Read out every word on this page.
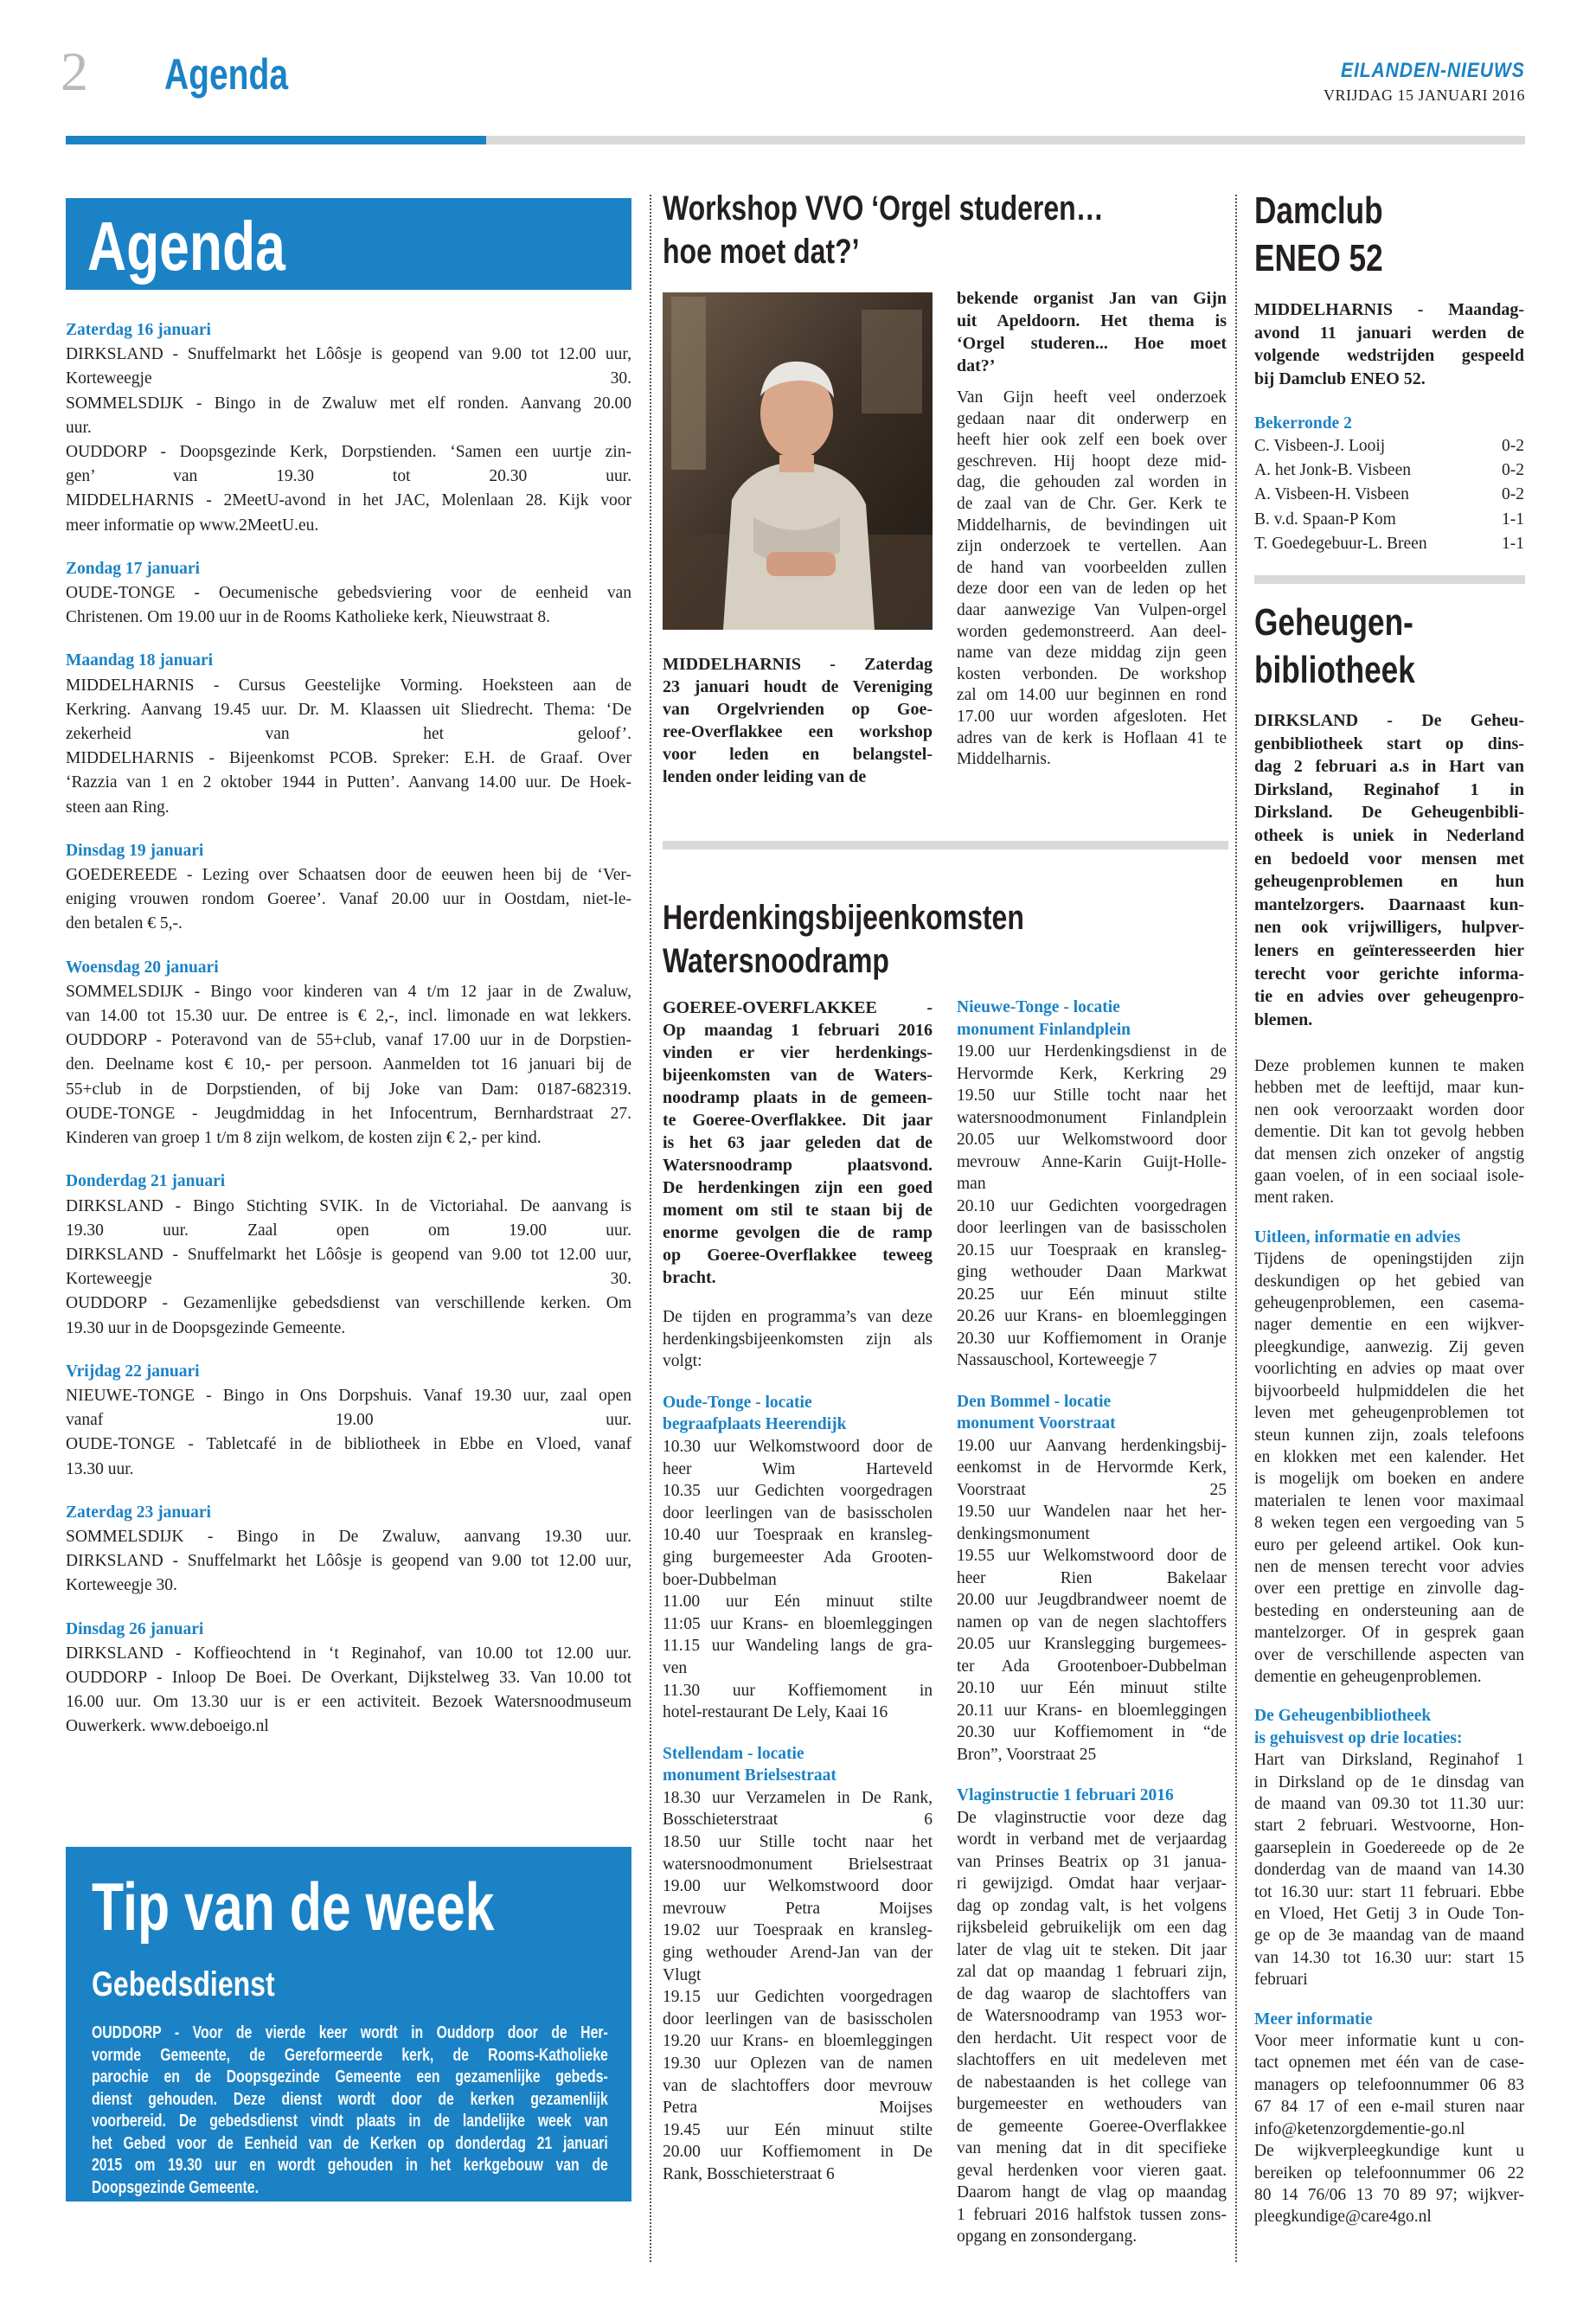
2 Agenda	EILANDEN-NIEUWS
VRIJDAG 15 JANUARI 2016
Agenda
Zaterdag 16 januari
DIRKSLAND - Snuffelmarkt het Lôôsje is geopend van 9.00 tot 12.00 uur,
Korteweegje 30.
SOMMELSDIJK - Bingo in de Zwaluw met elf ronden. Aanvang 20.00
uur.
OUDDORP - Doopsgezinde Kerk, Dorpstienden. ‘Samen een uurtje zin-
gen’ van 19.30 tot 20.30 uur.
MIDDELHARNIS - 2MeetU-avond in het JAC, Molenlaan 28. Kijk voor
meer informatie op www.2MeetU.eu.
Zondag 17 januari
OUDE-TONGE - Oecumenische gebedsviering voor de eenheid van
Christenen. Om 19.00 uur in de Rooms Katholieke kerk, Nieuwstraat 8.
Maandag 18 januari
MIDDELHARNIS - Cursus Geestelijke Vorming. Hoeksteen aan de
Kerkring. Aanvang 19.45 uur. Dr. M. Klaassen uit Sliedrecht. Thema: ‘De
zekerheid van het geloof’.
MIDDELHARNIS - Bijeenkomst PCOB. Spreker: E.H. de Graaf. Over
‘Razzia van 1 en 2 oktober 1944 in Putten’. Aanvang 14.00 uur. De Hoek-
steen aan Ring.
Dinsdag 19 januari
GOEDEREEDE - Lezing over Schaatsen door de eeuwen heen bij de ‘Ver-
eniging vrouwen rondom Goeree’. Vanaf 20.00 uur in Oostdam, niet-le-
den betalen € 5,-.
Woensdag 20 januari
SOMMELSDIJK - Bingo voor kinderen van 4 t/m 12 jaar in de Zwaluw,
van 14.00 tot 15.30 uur. De entree is € 2,-, incl. limonade en wat lekkers.
OUDDORP - Poteravond van de 55+club, vanaf 17.00 uur in de Dorpstien-
den. Deelname kost € 10,- per persoon. Aanmelden tot 16 januari bij de
55+club in de Dorpstienden, of bij Joke van Dam: 0187-682319.
OUDE-TONGE - Jeugdmiddag in het Infocentrum, Bernhardstraat 27.
Kinderen van groep 1 t/m 8 zijn welkom, de kosten zijn € 2,- per kind.
Donderdag 21 januari
DIRKSLAND - Bingo Stichting SVIK. In de Victoriahal. De aanvang is
19.30 uur. Zaal open om 19.00 uur.
DIRKSLAND - Snuffelmarkt het Lôôsje is geopend van 9.00 tot 12.00 uur,
Korteweegje 30.
OUDDORP - Gezamenlijke gebedsdienst van verschillende kerken. Om
19.30 uur in de Doopsgezinde Gemeente.
Vrijdag 22 januari
NIEUWE-TONGE - Bingo in Ons Dorpshuis. Vanaf 19.30 uur, zaal open
vanaf 19.00 uur.
OUDE-TONGE - Tabletcafé in de bibliotheek in Ebbe en Vloed, vanaf
13.30 uur.
Zaterdag 23 januari
SOMMELSDIJK - Bingo in De Zwaluw, aanvang 19.30 uur.
DIRKSLAND - Snuffelmarkt het Lôôsje is geopend van 9.00 tot 12.00 uur,
Korteweegje 30.
Dinsdag 26 januari
DIRKSLAND - Koffieochtend in ‘t Reginahof, van 10.00 tot 12.00 uur.
OUDDORP - Inloop De Boei. De Overkant, Dijkstelweg 33. Van 10.00 tot
16.00 uur. Om 13.30 uur is er een activiteit. Bezoek Watersnoodmuseum
Ouwerkerk. www.deboeigo.nl
Tip van de week
Gebedsdienst
OUDDORP - Voor de vierde keer wordt in Ouddorp door de Her-
vormde Gemeente, de Gereformeerde kerk, de Rooms-Katholieke
parochie en de Doopsgezinde Gemeente een gezamenlijke gebeds-
dienst gehouden. Deze dienst wordt door de kerken gezamenlijk
voorbereid. De gebedsdienst vindt plaats in de landelijke week van
het Gebed voor de Eenheid van de Kerken op donderdag 21 januari
2015 om 19.30 uur en wordt gehouden in het kerkgebouw van de
Doopsgezinde Gemeente.
Workshop VVO ‘Orgel studeren…
hoe moet dat?’
MIDDELHARNIS - Zaterdag
23 januari houdt de Vereniging
van Orgelvrienden op Goe-
ree-Overflakkee een workshop
voor leden en belangstel-
lenden onder leiding van de
bekende organist Jan van Gijn
uit Apeldoorn. Het thema is
‘Orgel studeren... Hoe moet
dat?’
Van Gijn heeft veel onderzoek
gedaan naar dit onderwerp en
heeft hier ook zelf een boek over
geschreven. Hij hoopt deze mid-
dag, die gehouden zal worden in
de zaal van de Chr. Ger. Kerk te
Middelharnis, de bevindingen uit
zijn onderzoek te vertellen. Aan
de hand van voorbeelden zullen
deze door een van de leden op het
daar aanwezige Van Vulpen-orgel
worden gedemonstreerd. Aan deel-
name van deze middag zijn geen
kosten verbonden. De workshop
zal om 14.00 uur beginnen en rond
17.00 uur worden afgesloten. Het
adres van de kerk is Hoflaan 41 te
Middelharnis.
Herdenkingsbijeenkomsten
Watersnoodramp
GOEREE-OVERFLAKKEE -
Op maandag 1 februari 2016
vinden er vier herdenkings-
bijeenkomsten van de Waters-
noodramp plaats in de gemeen-
te Goeree-Overflakkee. Dit jaar
is het 63 jaar geleden dat de
Watersnoodramp plaatsvond.
De herdenkingen zijn een goed
moment om stil te staan bij de
enorme gevolgen die de ramp
op Goeree-Overflakkee teweeg
bracht.
De tijden en programma’s van deze
herdenkingsbijeenkomsten zijn als
volgt:
Oude-Tonge - locatie
begraafplaats Heerendijk
10.30 uur Welkomstwoord door de
heer Wim Harteveld
10.35 uur Gedichten voorgedragen
door leerlingen van de basisscholen
10.40 uur Toespraak en kransleg-
ging burgemeester Ada Grooten-
boer-Dubbelman
11.00 uur Eén minuut stilte
11:05 uur Krans- en bloemleggingen
11.15 uur Wandeling langs de gra-
ven
11.30 uur Koffiemoment in
hotel-restaurant De Lely, Kaai 16
Stellendam - locatie
monument Brielsestraat
18.30 uur Verzamelen in De Rank,
Bosschieterstraat 6
18.50 uur Stille tocht naar het
watersnoodmonument Brielsestraat
19.00 uur Welkomstwoord door
mevrouw Petra Moijses
19.02 uur Toespraak en kransleg-
ging wethouder Arend-Jan van der
Vlugt
19.15 uur Gedichten voorgedragen
door leerlingen van de basisscholen
19.20 uur Krans- en bloemleggingen
19.30 uur Oplezen van de namen
van de slachtoffers door mevrouw
Petra Moijses
19.45 uur Eén minuut stilte
20.00 uur Koffiemoment in De
Rank, Bosschieterstraat 6
Nieuwe-Tonge - locatie
monument Finlandplein
19.00 uur Herdenkingsdienst in de
Hervormde Kerk, Kerkring 29
19.50 uur Stille tocht naar het
watersnoodmonument Finlandplein
20.05 uur Welkomstwoord door
mevrouw Anne-Karin Guijt-Holle-
man
20.10 uur Gedichten voorgedragen
door leerlingen van de basisscholen
20.15 uur Toespraak en kransleg-
ging wethouder Daan Markwat
20.25 uur Eén minuut stilte
20.26 uur Krans- en bloemleggingen
20.30 uur Koffiemoment in Oranje
Nassauschool, Korteweegje 7
Den Bommel - locatie
monument Voorstraat
19.00 uur Aanvang herdenkingsbij-
eenkomst in de Hervormde Kerk,
Voorstraat 25
19.50 uur Wandelen naar het her-
denkingsmonument
19.55 uur Welkomstwoord door de
heer Rien Bakelaar
20.00 uur Jeugdbrandweer noemt de
namen op van de negen slachtoffers
20.05 uur Kranslegging burgemees-
ter Ada Grootenboer-Dubbelman
20.10 uur Eén minuut stilte
20.11 uur Krans- en bloemleggingen
20.30 uur Koffiemoment in “de
Bron”, Voorstraat 25
Vlaginstructie 1 februari 2016
De vlaginstructie voor deze dag
wordt in verband met de verjaardag
van Prinses Beatrix op 31 janua-
ri gewijzigd. Omdat haar verjaar-
dag op zondag valt, is het volgens
rijksbeleid gebruikelijk om een dag
later de vlag uit te steken. Dit jaar
zal dat op maandag 1 februari zijn,
de dag waarop de slachtoffers van
de Watersnoodramp van 1953 wor-
den herdacht. Uit respect voor de
slachtoffers en uit medeleven met
de nabestaanden is het college van
burgemeester en wethouders van
de gemeente Goeree-Overflakkee
van mening dat in dit specifieke
geval herdenken voor vieren gaat.
Daarom hangt de vlag op maandag
1 februari 2016 halfstok tussen zons-
opgang en zonsondergang.
Damclub
ENEO 52
MIDDELHARNIS - Maandag-
avond 11 januari werden de
volgende wedstrijden gespeeld
bij Damclub ENEO 52.
Bekerronde 2
C. Visbeen-J. Looij	0-2
A. het Jonk-B. Visbeen	0-2
A. Visbeen-H. Visbeen	0-2
B. v.d. Spaan-P Kom	1-1
T. Goedegebuur-L. Breen	1-1
Geheugen-
bibliotheek
DIRKSLAND - De Geheu-
genbibliotheek start op dins-
dag 2 februari a.s in Hart van
Dirksland, Reginahof 1 in
Dirksland. De Geheugenbibli-
otheek is uniek in Nederland
en bedoeld voor mensen met
geheugenproblemen en hun
mantelzorgers. Daarnaast kun-
nen ook vrijwilligers, hulpver-
leners en geïnteresseerden hier
terecht voor gerichte informa-
tie en advies over geheugenpro-
blemen.
Deze problemen kunnen te maken
hebben met de leeftijd, maar kun-
nen ook veroorzaakt worden door
dementie. Dit kan tot gevolg hebben
dat mensen zich onzeker of angstig
gaan voelen, of in een sociaal isole-
ment raken.
Uitleen, informatie en advies
Tijdens de openingstijden zijn
deskundigen op het gebied van
geheugenproblemen, een casema-
nager dementie en een wijkver-
pleegkundige, aanwezig. Zij geven
voorlichting en advies op maat over
bijvoorbeeld hulpmiddelen die het
leven met geheugenproblemen tot
steun kunnen zijn, zoals telefoons
en klokken met een kalender. Het
is mogelijk om boeken en andere
materialen te lenen voor maximaal
8 weken tegen een vergoeding van 5
euro per geleend artikel. Ook kun-
nen de mensen terecht voor advies
over een prettige en zinvolle dag-
besteding en ondersteuning aan de
mantelzorger. Of in gesprek gaan
over de verschillende aspecten van
dementie en geheugenproblemen.
De Geheugenbibliotheek
is gehuisvest op drie locaties:
Hart van Dirksland, Reginahof 1
in Dirksland op de 1e dinsdag van
de maand van 09.30 tot 11.30 uur:
start 2 februari. Westvoorne, Hon-
gaarseplein in Goedereede op de 2e
donderdag van de maand van 14.30
tot 16.30 uur: start 11 februari. Ebbe
en Vloed, Het Getij 3 in Oude Ton-
ge op de 3e maandag van de maand
van 14.30 tot 16.30 uur: start 15
februari
Meer informatie
Voor meer informatie kunt u con-
tact opnemen met één van de case-
managers op telefoonnummer 06 83
67 84 17 of een e-mail sturen naar
info@ketenzorgdementie-go.nl
De wijkverpleegkundige kunt u
bereiken op telefoonnummer 06 22
80 14 76/06 13 70 89 97; wijkver-
pleegkundige@care4go.nl
